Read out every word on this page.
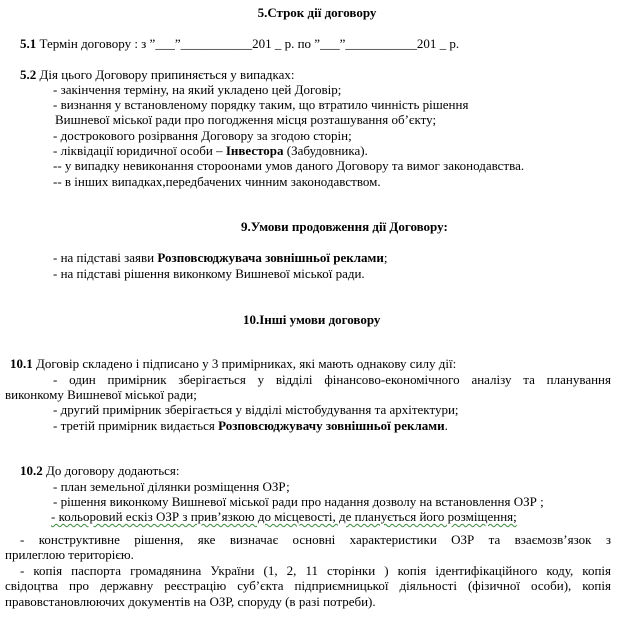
5.Строк дії договору
5.1 Термін договору : з ”___”___________201 _ р. по ”___”___________201 _ р.
5.2 Дія цього Договору припиняється у випадках:
- закінчення терміну, на який укладено цей Договір;
- визнання у встановленому порядку таким, що втратило чинність рішення
Вишневої міської ради про погодження місця розташування об’єкту;
- дострокового розірвання Договору за згодою сторін;
- ліквідації юридичної особи – Інвестора (Забудовника).
-- у випадку невиконання стороонами умов даного Договору та вимог законодавства.
-- в інших випадках,передбачених чинним законодавством.
9.Умови продовження дії Договору:
- на підставі заяви Розповсюджувача зовнішньої реклами;
- на підставі рішення виконкому Вишневої міської ради.
10.Інші умови договору
10.1 Договір складено і підписано у 3 примірниках, які мають однакову силу дії:
- один примірник зберігається у відділі фінансово-економічного аналізу та планування
виконкому Вишневої міської ради;
- другий примірник зберігається у відділі містобудування та архітектури;
- третій примірник видається Розповсюджувачу зовнішньої реклами.
10.2 До договору додаються:
- план земельної ділянки розміщення ОЗР;
- рішення виконкому Вишневої міської ради про надання дозволу на встановлення ОЗР ;
- кольоровий ескіз ОЗР з прив’язкою до місцевості, де планується його розміщення;
- конструктивне рішення, яке визначає основні характеристики ОЗР та взаємозв’язок з
прилеглою територією.
- копія паспорта громадянина України (1, 2, 11 сторінки ) копія ідентифікаційного коду, копія
свідоцтва про державну реєстрацію суб’єкта підприємницької діяльності (фізичної особи), копія
правовстановлюючих документів на ОЗР, споруду (в разі потреби).
